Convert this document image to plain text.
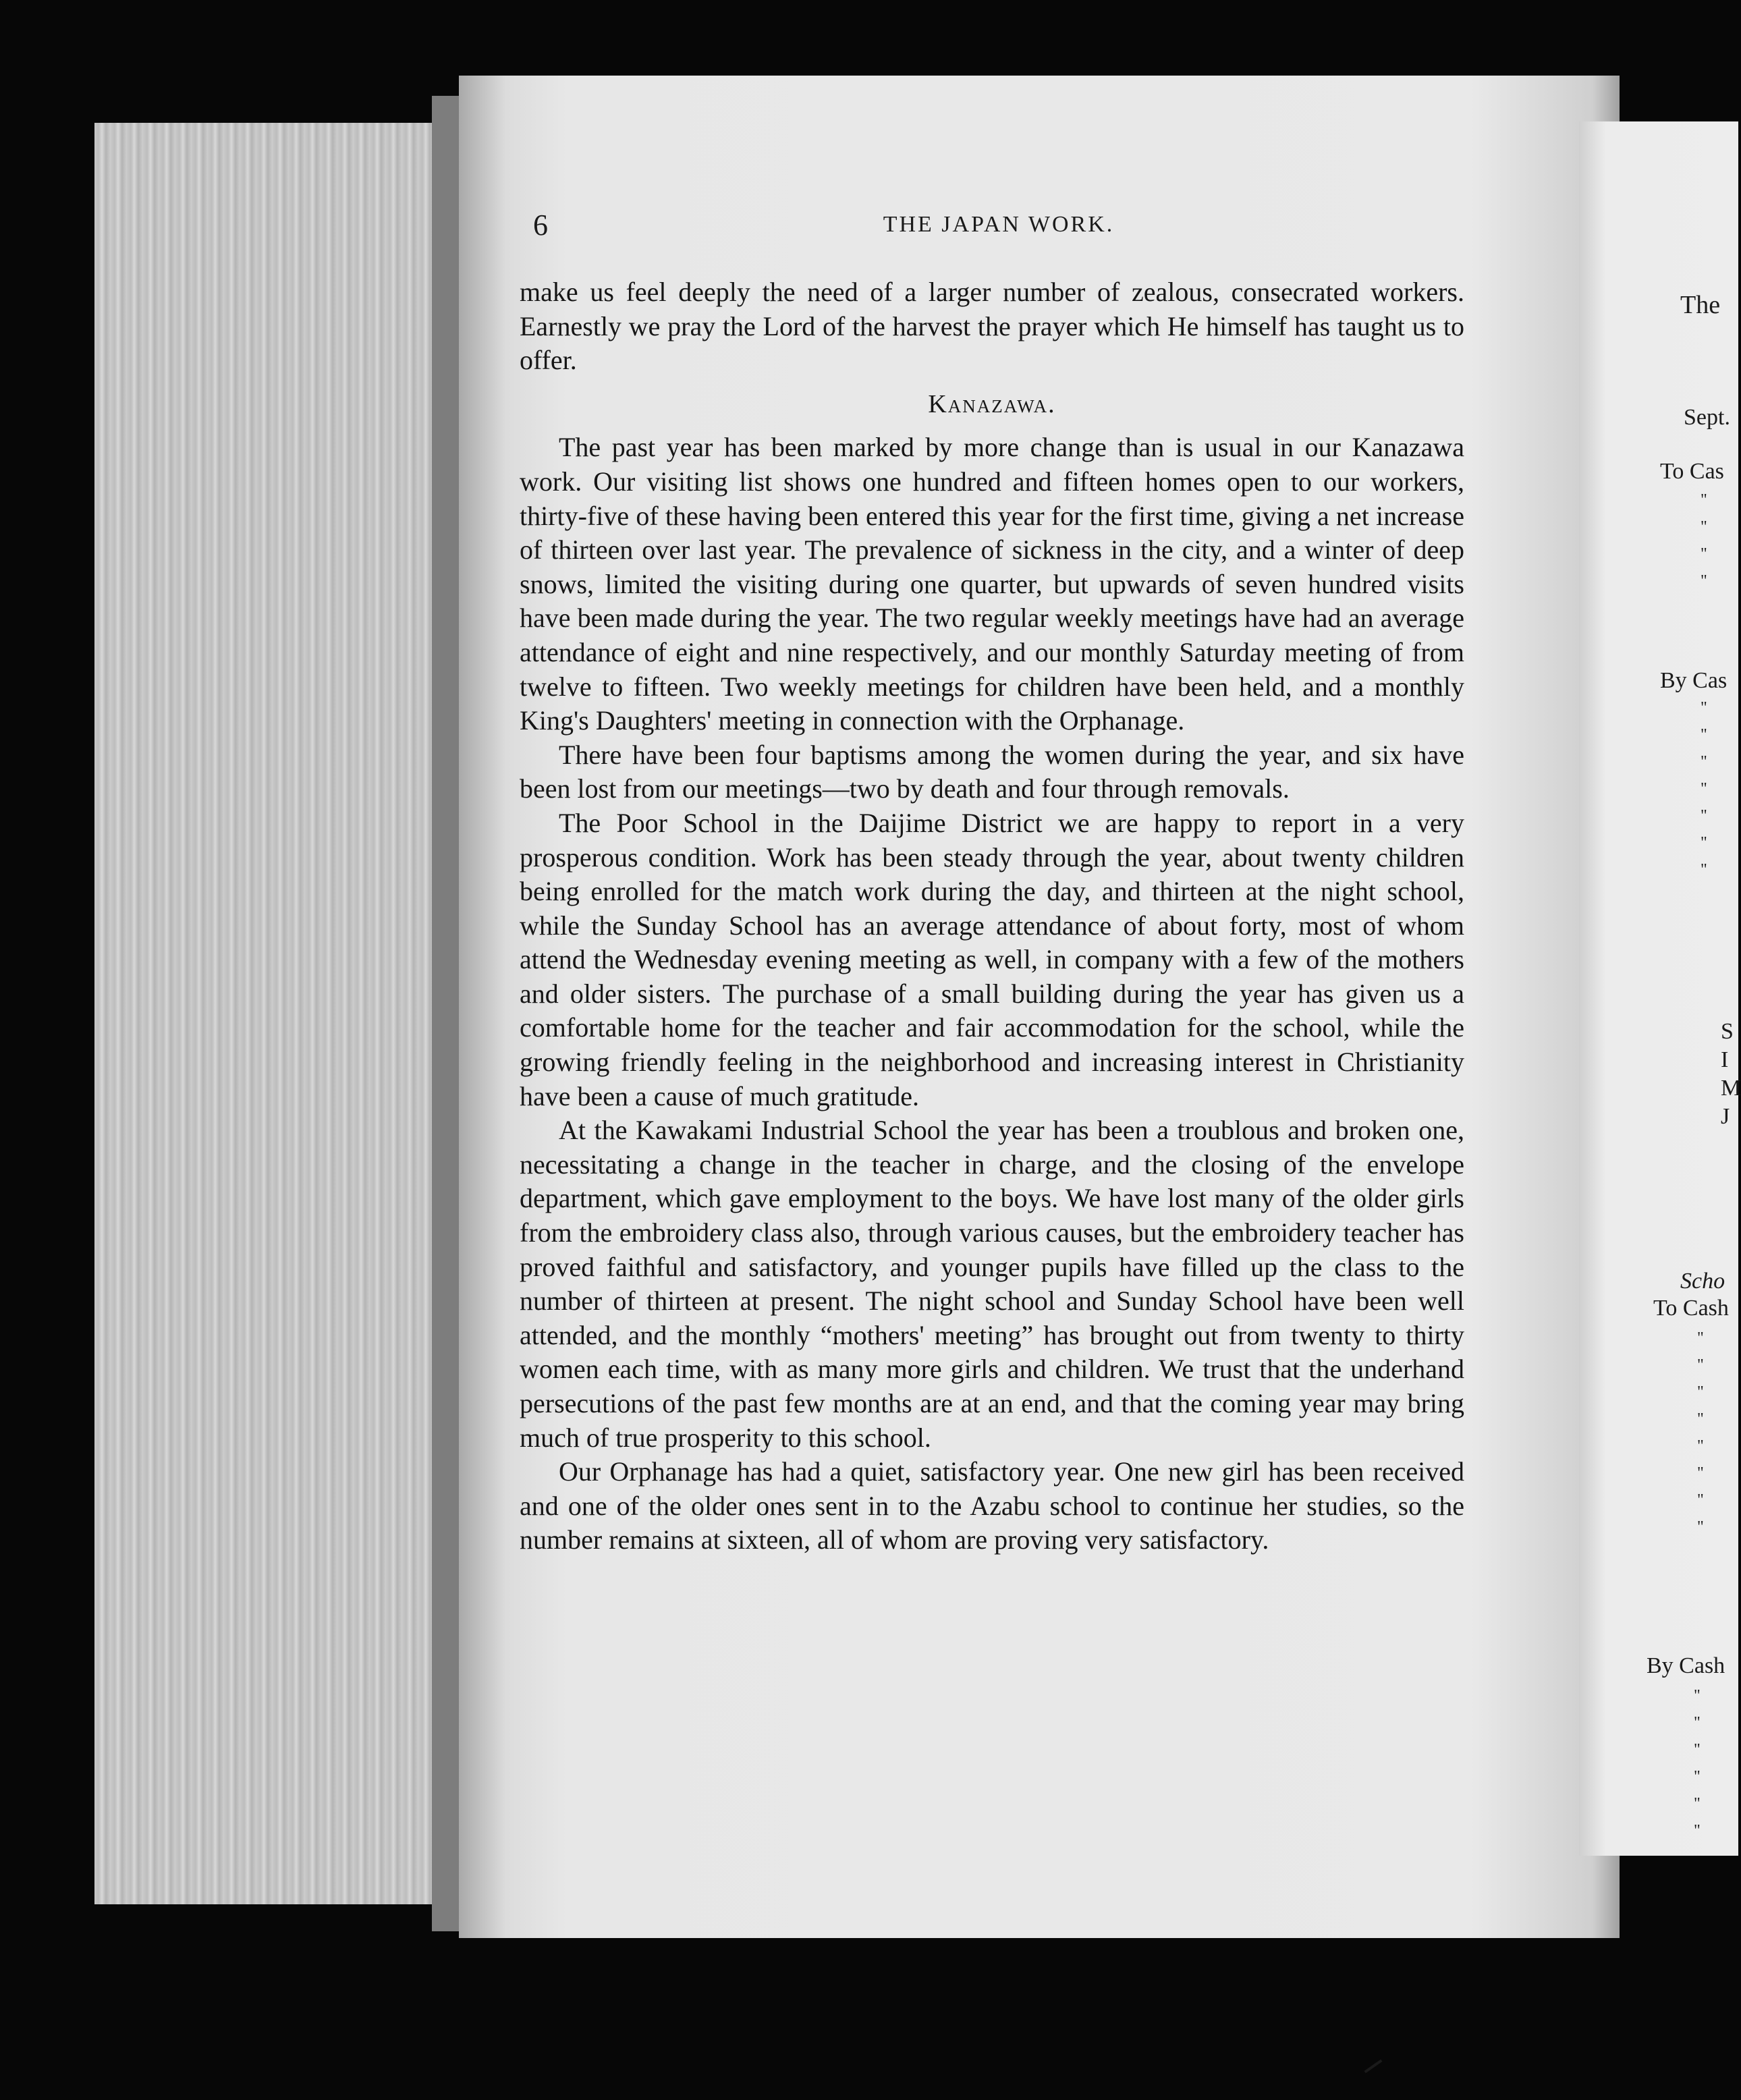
The
Sept.
To Cas
"
"
"
"
By Cas
"
"
"
"
"
"
"
S
I
M
J
Scho
To Cash
"
"
"
"
"
"
"
"
By Cash
"
"
"
"
"
"
6	THE JAPAN WORK.

make us feel deeply the need of a larger number of zealous, consecrated workers. Earnestly we pray the Lord of the harvest the prayer which He himself has taught us to offer.

Kanazawa.

The past year has been marked by more change than is usual in our Kanazawa work. Our visiting list shows one hundred and fifteen homes open to our workers, thirty-five of these having been entered this year for the first time, giving a net increase of thirteen over last year. The prevalence of sickness in the city, and a winter of deep snows, limited the visiting during one quarter, but upwards of seven hundred visits have been made during the year. The two regular weekly meetings have had an average attendance of eight and nine respectively, and our monthly Saturday meeting of from twelve to fifteen. Two weekly meetings for children have been held, and a monthly King's Daughters' meeting in connection with the Orphanage.

There have been four baptisms among the women during the year, and six have been lost from our meetings—two by death and four through removals.

The Poor School in the Daijime District we are happy to report in a very prosperous condition. Work has been steady through the year, about twenty children being enrolled for the match work during the day, and thirteen at the night school, while the Sunday School has an average attendance of about forty, most of whom attend the Wednesday evening meeting as well, in company with a few of the mothers and older sisters. The purchase of a small building during the year has given us a comfortable home for the teacher and fair accommodation for the school, while the growing friendly feeling in the neighborhood and increasing interest in Christianity have been a cause of much gratitude.

At the Kawakami Industrial School the year has been a troublous and broken one, necessitating a change in the teacher in charge, and the closing of the envelope department, which gave employment to the boys. We have lost many of the older girls from the embroidery class also, through various causes, but the embroidery teacher has proved faithful and satisfactory, and younger pupils have filled up the class to the number of thirteen at present. The night school and Sunday School have been well attended, and the monthly “mothers' meeting” has brought out from twenty to thirty women each time, with as many more girls and children. We trust that the underhand persecutions of the past few months are at an end, and that the coming year may bring much of true prosperity to this school.

Our Orphanage has had a quiet, satisfactory year. One new girl has been received and one of the older ones sent in to the Azabu school to continue her studies, so the number remains at sixteen, all of whom are proving very satisfactory.
